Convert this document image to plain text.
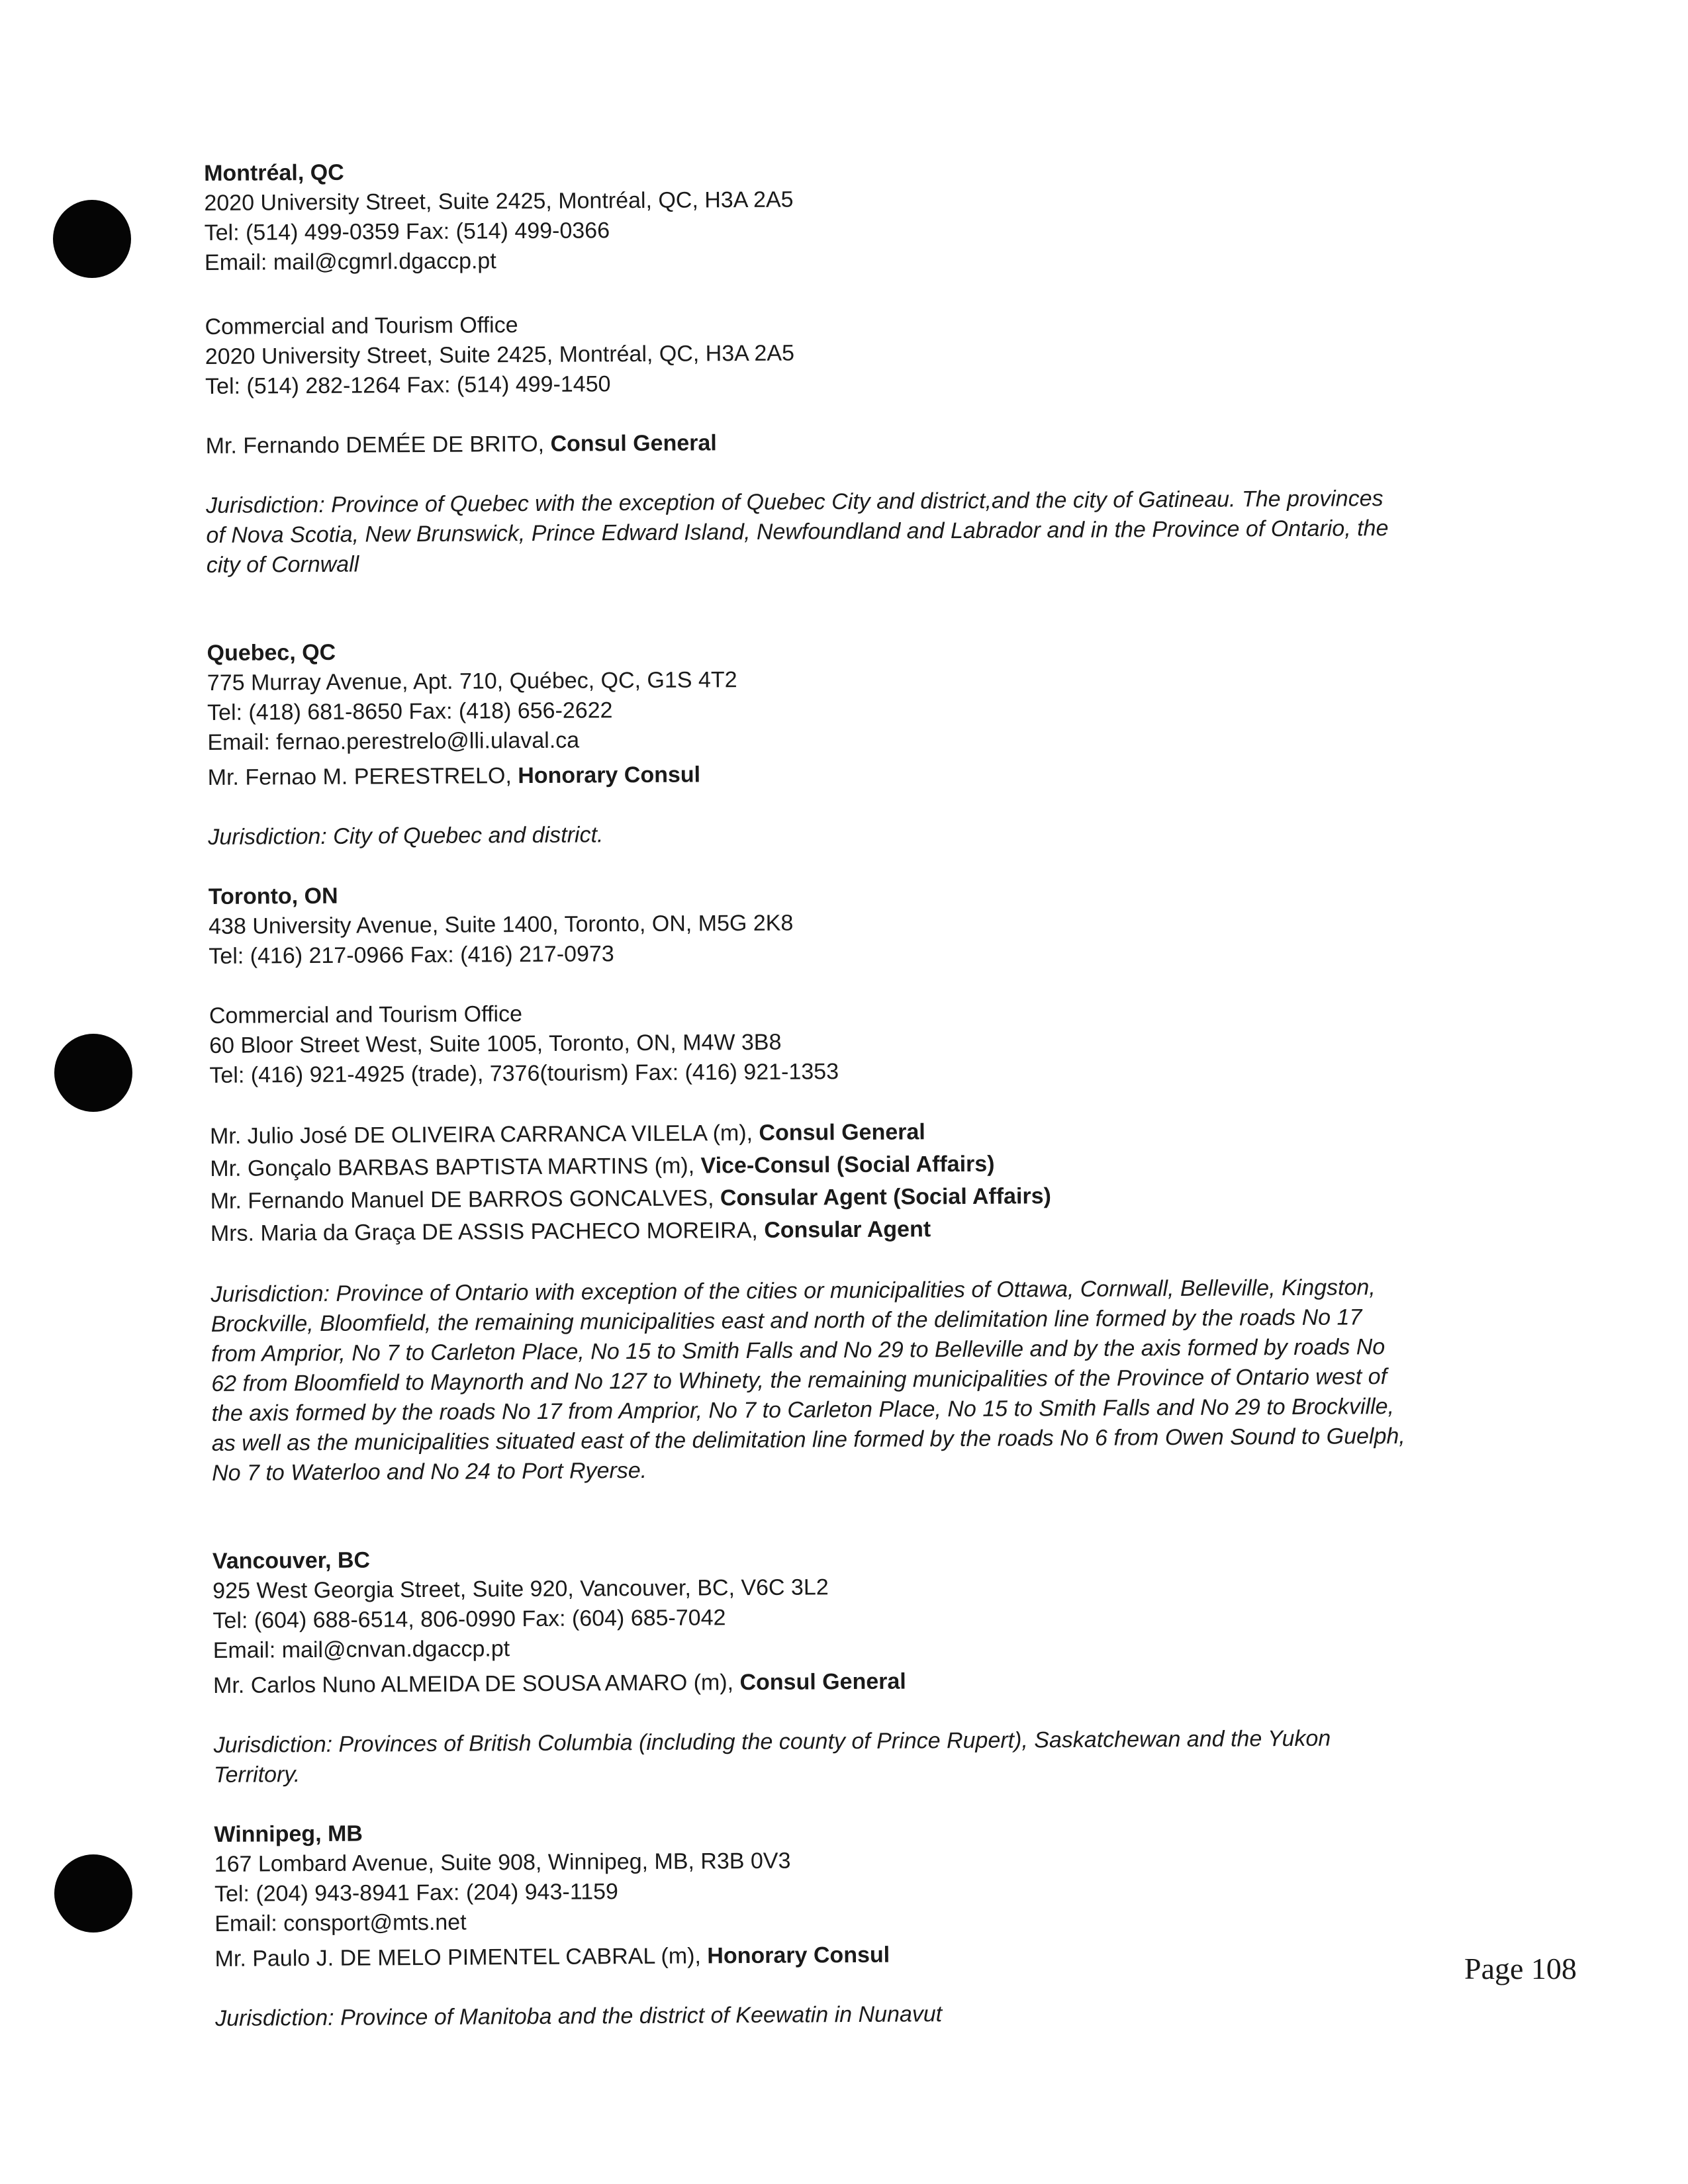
Montréal, QC
2020 University Street, Suite 2425, Montréal, QC, H3A 2A5
Tel: (514) 499-0359 Fax: (514) 499-0366
Email: mail@cgmrl.dgaccp.pt
Commercial and Tourism Office
2020 University Street, Suite 2425, Montréal, QC, H3A 2A5
Tel: (514) 282-1264 Fax: (514) 499-1450
Mr. Fernando DEMÉE DE BRITO, Consul General
Jurisdiction: Province of Quebec with the exception of Quebec City and district,and the city of Gatineau. The provinces
of Nova Scotia, New Brunswick, Prince Edward Island, Newfoundland and Labrador and in the Province of Ontario, the
city of Cornwall
Quebec, QC
775 Murray Avenue, Apt. 710, Québec, QC, G1S 4T2
Tel: (418) 681-8650 Fax: (418) 656-2622
Email: fernao.perestrelo@lli.ulaval.ca
Mr. Fernao M. PERESTRELO, Honorary Consul
Jurisdiction: City of Quebec and district.
Toronto, ON
438 University Avenue, Suite 1400, Toronto, ON, M5G 2K8
Tel: (416) 217-0966 Fax: (416) 217-0973
Commercial and Tourism Office
60 Bloor Street West, Suite 1005, Toronto, ON, M4W 3B8
Tel: (416) 921-4925 (trade), 7376(tourism) Fax: (416) 921-1353
Mr. Julio José DE OLIVEIRA CARRANCA VILELA (m), Consul General
Mr. Gonçalo BARBAS BAPTISTA MARTINS (m), Vice-Consul (Social Affairs)
Mr. Fernando Manuel DE BARROS GONCALVES, Consular Agent (Social Affairs)
Mrs. Maria da Graça DE ASSIS PACHECO MOREIRA, Consular Agent
Jurisdiction: Province of Ontario with exception of the cities or municipalities of Ottawa, Cornwall, Belleville, Kingston,
Brockville, Bloomfield, the remaining municipalities east and north of the delimitation line formed by the roads No 17
from Amprior, No 7 to Carleton Place, No 15 to Smith Falls and No 29 to Belleville and by the axis formed by roads No
62 from Bloomfield to Maynorth and No 127 to Whinety, the remaining municipalities of the Province of Ontario west of
the axis formed by the roads No 17 from Amprior, No 7 to Carleton Place, No 15 to Smith Falls and No 29 to Brockville,
as well as the municipalities situated east of the delimitation line formed by the roads No 6 from Owen Sound to Guelph,
No 7 to Waterloo and No 24 to Port Ryerse.
Vancouver, BC
925 West Georgia Street, Suite 920, Vancouver, BC, V6C 3L2
Tel: (604) 688-6514, 806-0990 Fax: (604) 685-7042
Email: mail@cnvan.dgaccp.pt
Mr. Carlos Nuno ALMEIDA DE SOUSA AMARO (m), Consul General
Jurisdiction: Provinces of British Columbia (including the county of Prince Rupert), Saskatchewan and the Yukon
Territory.
Winnipeg, MB
167 Lombard Avenue, Suite 908, Winnipeg, MB, R3B 0V3
Tel: (204) 943-8941 Fax: (204) 943-1159
Email: consport@mts.net
Mr. Paulo J. DE MELO PIMENTEL CABRAL (m), Honorary Consul
Jurisdiction: Province of Manitoba and the district of Keewatin in Nunavut
Page 108
